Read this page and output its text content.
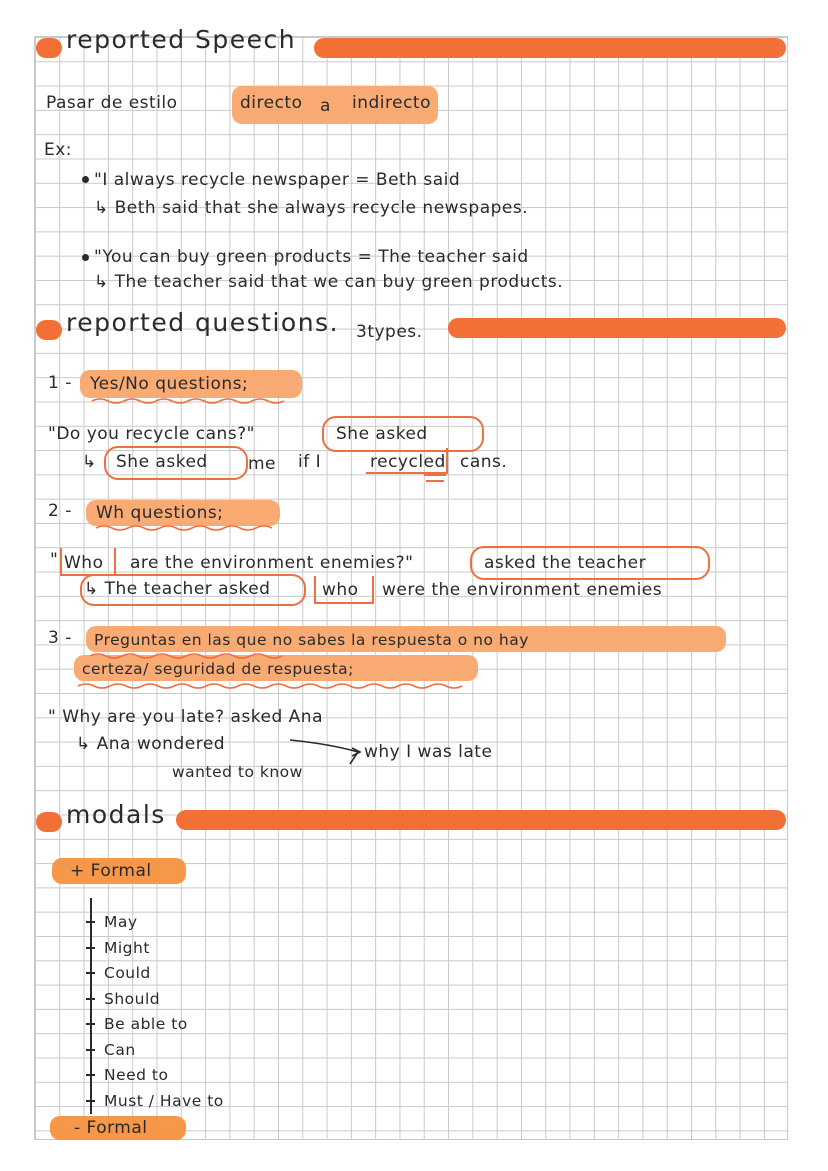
reported Speech
Pasar de estilo	directo a indirecto
Ex:
"I always recycle newspaper = Beth said
↳ Beth said that she always recycle newspapes.
"You can buy green products = The teacher said
↳ The teacher said that we can buy green products.
reported questions. 3types.
1 - Yes/No questions;
"Do you recycle cans?"	She asked
↳ She asked me if I	recycled cans.
2 - Wh questions;
" Who are the environment enemies?"	asked the teacher
↳ The teacher asked	who were the environment enemies
3 - Preguntas en las que no sabes la respuesta o no hay
certeza/ seguridad de respuesta;
" Why are you late? asked Ana
↳ Ana wondered
wanted to know
why I was late
modals
+ Formal
May
Might
Could
Should
Be able to
Can
Need to
Must / Have to
- Formal
